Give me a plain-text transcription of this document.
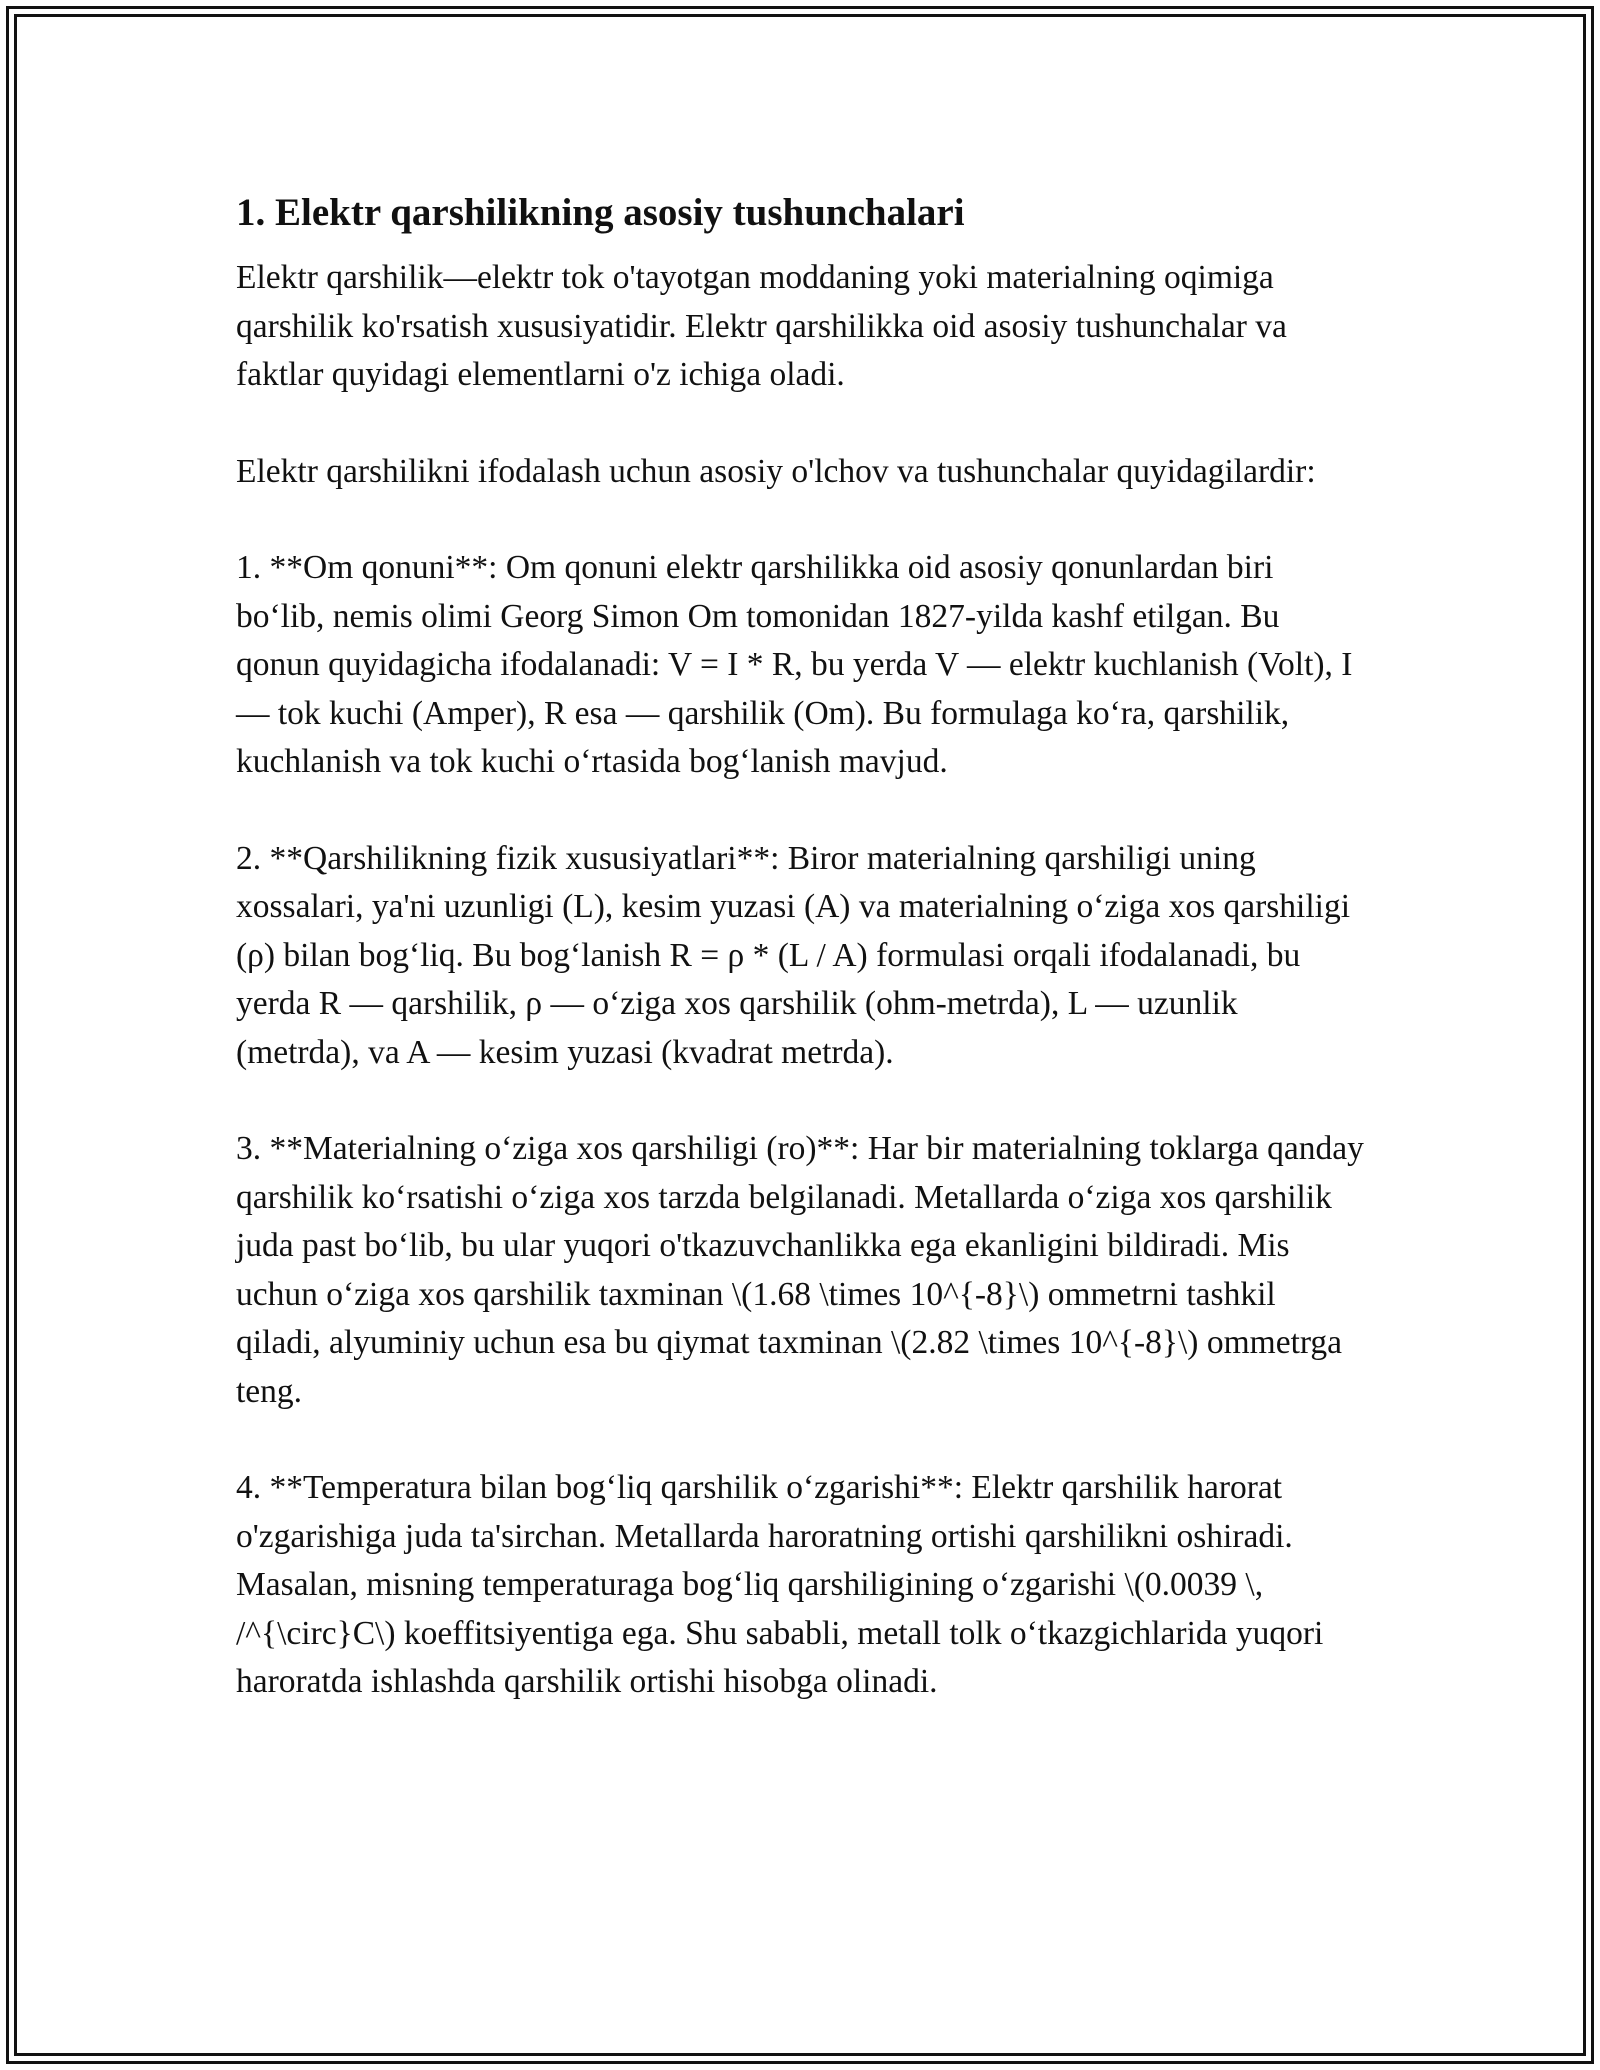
1. Elektr qarshilikning asosiy tushunchalari

Elektr qarshilik—elektr tok o'tayotgan moddaning yoki materialning oqimiga qarshilik ko'rsatish xususiyatidir. Elektr qarshilikka oid asosiy tushunchalar va faktlar quyidagi elementlarni o'z ichiga oladi.

Elektr qarshilikni ifodalash uchun asosiy o'lchov va tushunchalar quyidagilardir:

1. **Om qonuni**: Om qonuni elektr qarshilikka oid asosiy qonunlardan biri bo‘lib, nemis olimi Georg Simon Om tomonidan 1827-yilda kashf etilgan. Bu qonun quyidagicha ifodalanadi: V = I * R, bu yerda V — elektr kuchlanish (Volt), I — tok kuchi (Amper), R esa — qarshilik (Om). Bu formulaga ko‘ra, qarshilik, kuchlanish va tok kuchi o‘rtasida bog‘lanish mavjud.

2. **Qarshilikning fizik xususiyatlari**: Biror materialning qarshiligi uning xossalari, ya'ni uzunligi (L), kesim yuzasi (A) va materialning o‘ziga xos qarshiligi (ρ) bilan bog‘liq. Bu bog‘lanish R = ρ * (L / A) formulasi orqali ifodalanadi, bu yerda R — qarshilik, ρ — o‘ziga xos qarshilik (ohm-metrda), L — uzunlik (metrda), va A — kesim yuzasi (kvadrat metrda).

3. **Materialning o‘ziga xos qarshiligi (ro)**: Har bir materialning toklarga qanday qarshilik ko‘rsatishi o‘ziga xos tarzda belgilanadi. Metallarda o‘ziga xos qarshilik juda past bo‘lib, bu ular yuqori o'tkazuvchanlikka ega ekanligini bildiradi. Mis uchun o‘ziga xos qarshilik taxminan \(1.68 \times 10^{-8}\) ommetrni tashkil qiladi, alyuminiy uchun esa bu qiymat taxminan \(2.82 \times 10^{-8}\) ommetrga teng.

4. **Temperatura bilan bog‘liq qarshilik o‘zgarishi**: Elektr qarshilik harorat o'zgarishiga juda ta'sirchan. Metallarda haroratning ortishi qarshilikni oshiradi. Masalan, misning temperaturaga bog‘liq qarshiligining o‘zgarishi \(0.0039 \, /^{\circ}C\) koeffitsiyentiga ega. Shu sababli, metall tolk o‘tkazgichlarida yuqori haroratda ishlashda qarshilik ortishi hisobga olinadi.
